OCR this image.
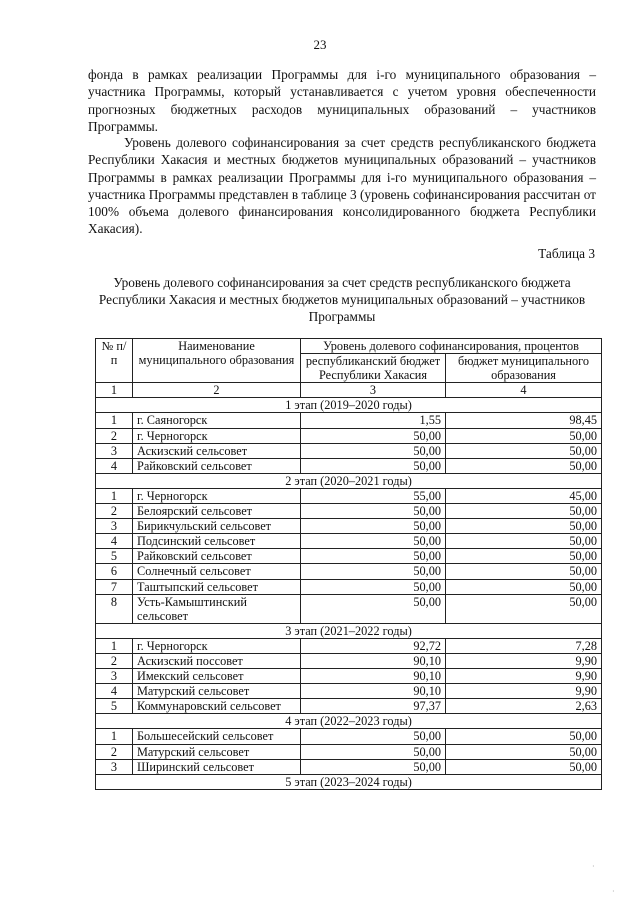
23

фонда в рамках реализации Программы для i-го муниципального образования – участника Программы, который устанавливается с учетом уровня обеспеченности прогнозных бюджетных расходов муниципальных образований – участников Программы.

Уровень долевого софинансирования за счет средств республиканского бюджета Республики Хакасия и местных бюджетов муниципальных образований – участников Программы в рамках реализации Программы для i-го муниципального образования – участника Программы представлен в таблице 3 (уровень софинансирования рассчитан от 100% объема долевого финансирования консолидированного бюджета Республики Хакасия).

Таблица 3
Уровень долевого софинансирования за счет средств республиканского бюджета Республики Хакасия и местных бюджетов муниципальных образований – участников Программы
№ п/п	Наименование муниципального образования	Уровень долевого софинансирования, процентов	
		республиканский бюджет Республики Хакасия	бюджет муниципального образования
1	2	3	4
1 этап (2019–2020 годы)			
1	г. Саяногорск	1,55	98,45
2	г. Черногорск	50,00	50,00
3	Аскизский сельсовет	50,00	50,00
4	Райковский сельсовет	50,00	50,00
2 этап (2020–2021 годы)			
1	г. Черногорск	55,00	45,00
2	Белоярский сельсовет	50,00	50,00
3	Бирикчульский сельсовет	50,00	50,00
4	Подсинский сельсовет	50,00	50,00
5	Райковский сельсовет	50,00	50,00
6	Солнечный сельсовет	50,00	50,00
7	Таштыпский сельсовет	50,00	50,00
8	Усть-Камыштинский сельсовет	50,00	50,00
3 этап (2021–2022 годы)			
1	г. Черногорск	92,72	7,28
2	Аскизский поссовет	90,10	9,90
3	Имекский сельсовет	90,10	9,90
4	Матурский сельсовет	90,10	9,90
5	Коммунаровский сельсовет	97,37	2,63
4 этап (2022–2023 годы)			
1	Большесейский сельсовет	50,00	50,00
2	Матурский сельсовет	50,00	50,00
3	Ширинский сельсовет	50,00	50,00
5 этап (2023–2024 годы)			
·
·
